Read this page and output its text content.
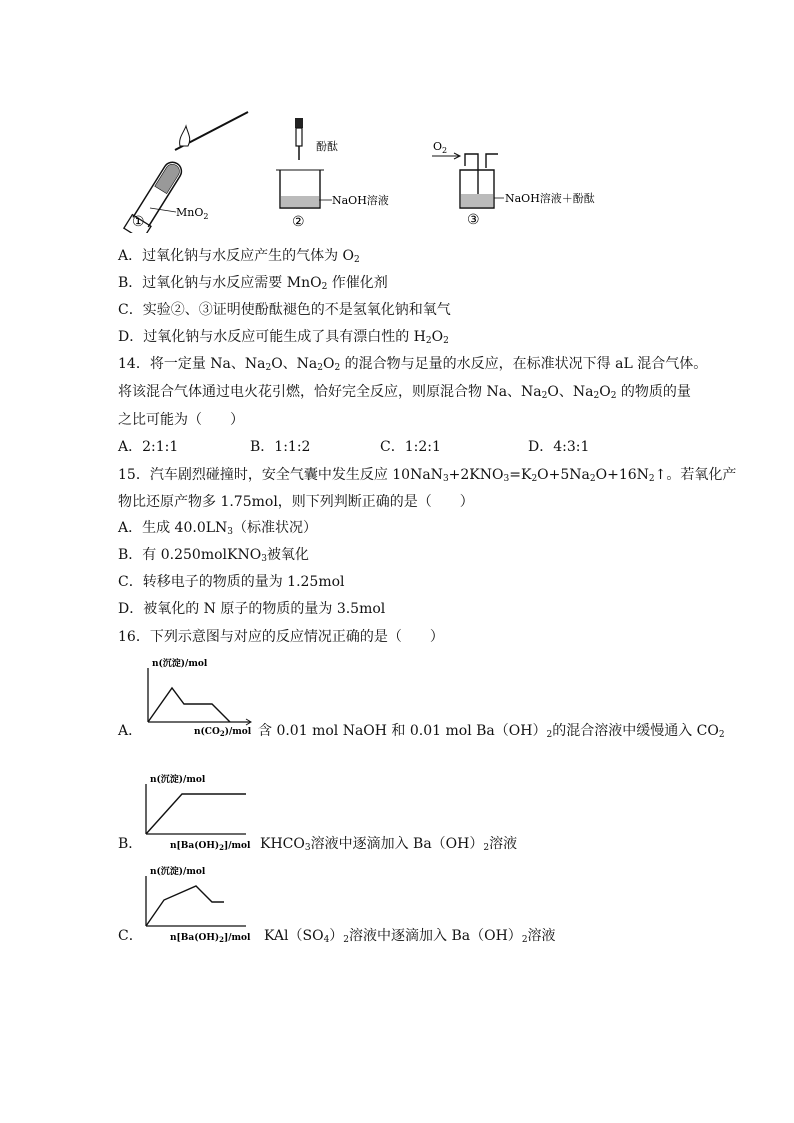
MnO$_2$
①
酚酞
NaOH溶液
②
$O_2$
NaOH溶液＋酚酞
③
A．过氧化钠与水反应产生的气体为 $O_2$
B．过氧化钠与水反应需要 MnO$_2$ 作催化剂
C．实验②、③证明使酚酞褪色的不是氢氧化钠和氧气
D．过氧化钠与水反应可能生成了具有漂白性的 $H_2O_2$
14．将一定量 Na、$Na_2O$、$Na_2O_2$ 的混合物与足量的水反应，在标准状况下得 aL 混合气体。
将该混合气体通过电火花引燃，恰好完全反应，则原混合物 Na、$Na_2O$、$Na_2O_2$ 的物质的量
之比可能为（　　）
A．2:1:1	B．1:1:2	C．1:2:1	D．4:3:1
15．汽车剧烈碰撞时，安全气囊中发生反应 $10NaN_3+2KNO_3=K_2O+5Na_2O+16N_2↑$。若氧化产
物比还原产物多 1.75mol，则下列判断正确的是（　　）
A．生成 $40.0LN_3$（标准状况）
B．有 0.250molKNO$_3$被氧化
C．转移电子的物质的量为 1.25mol
D．被氧化的 N 原子的物质的量为 3.5mol
16．下列示意图与对应的反应情况正确的是（　　）
n(沉淀)/mol
$n(CO_2)$/mol
A．	含 0.01 mol NaOH 和 0.01 mol $Ba(OH)_2$的混合溶液中缓慢通入 $CO_2$
n(沉淀)/mol
$n[Ba(OH)_2]$/mol
B．	$KHCO_3$溶液中逐滴加入 $Ba(OH)_2$溶液
n(沉淀)/mol
$n[Ba(OH)_2]$/mol
C．	$KAl(SO_4)_2$溶液中逐滴加入 $Ba(OH)_2$溶液
